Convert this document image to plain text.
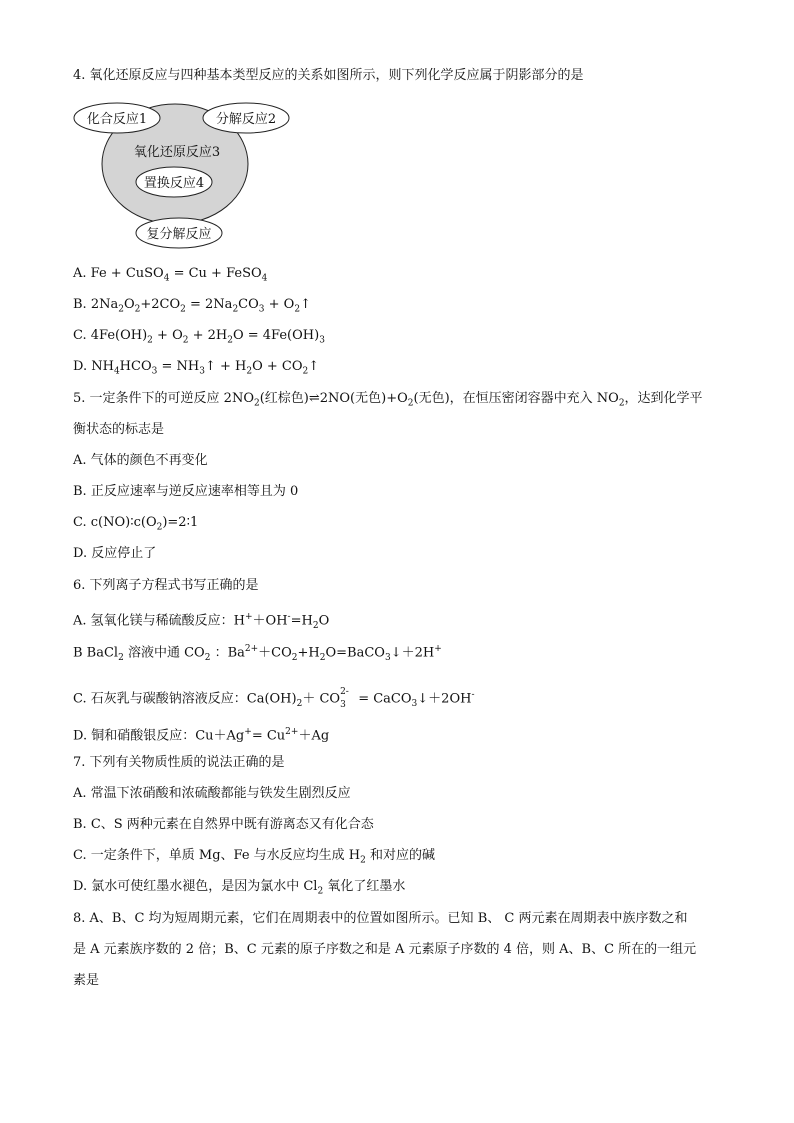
4. 氧化还原反应与四种基本类型反应的关系如图所示，则下列化学反应属于阴影部分的是
化合反应1	分解反应2
氧化还原反应3
置换反应4
复分解反应
A. Fe + CuSO$_4$ = Cu + FeSO$_4$
B. $2Na_2O_2+2CO_2 = 2Na_2CO_3$ + $O_2↑$
C. $4Fe(OH)_2 + O_2 + 2H_2O = 4Fe(OH)_3$
D. $NH_4HCO_3$ = $NH_3↑ + H_2O$ + $CO_2↑$
5. 一定条件下的可逆反应 $2NO_2$(红棕色)⇌2NO(无色)$+O_2$(无色)，在恒压密闭容器中充入 $NO_2$，达到化学平
衡状态的标志是
A. 气体的颜色不再变化
B. 正反应速率与逆反应速率相等且为 0
C. $c(NO)∶c(O_2)=2∶1$
D. 反应停止了
6. 下列离子方程式书写正确的是
A. 氢氧化镁与稀硫酸反应：$H^++OH^-=H_2O$
B BaCl$_2$ 溶液中通 $CO_2$ ：$Ba^{2+}+CO_2+H_2O=BaCO_3↓+2H^+$
C. 石灰乳与碳酸钠溶液反应：$Ca(OH)_2+$ CO 2-
3 = CaCO$_3$↓＋2OH-
D. 铜和硝酸银反应：$Cu+Ag^+= Cu^{2+}+Ag$
7. 下列有关物质性质的说法正确的是
A. 常温下浓硝酸和浓硫酸都能与铁发生剧烈反应
B. C、S 两种元素在自然界中既有游离态又有化合态
C. 一定条件下，单质 Mg、Fe 与水反应均生成 $H_2$ 和对应的碱
D. 氯水可使红墨水褪色，是因为氯水中 $Cl_2$ 氧化了红墨水
8. A、B、C 均为短周期元素，它们在周期表中的位置如图所示。已知 B、 C 两元素在周期表中族序数之和
是 A 元素族序数的 2 倍；B、C 元素的原子序数之和是 A 元素原子序数的 4 倍，则 A、B、C 所在的一组元
素是
